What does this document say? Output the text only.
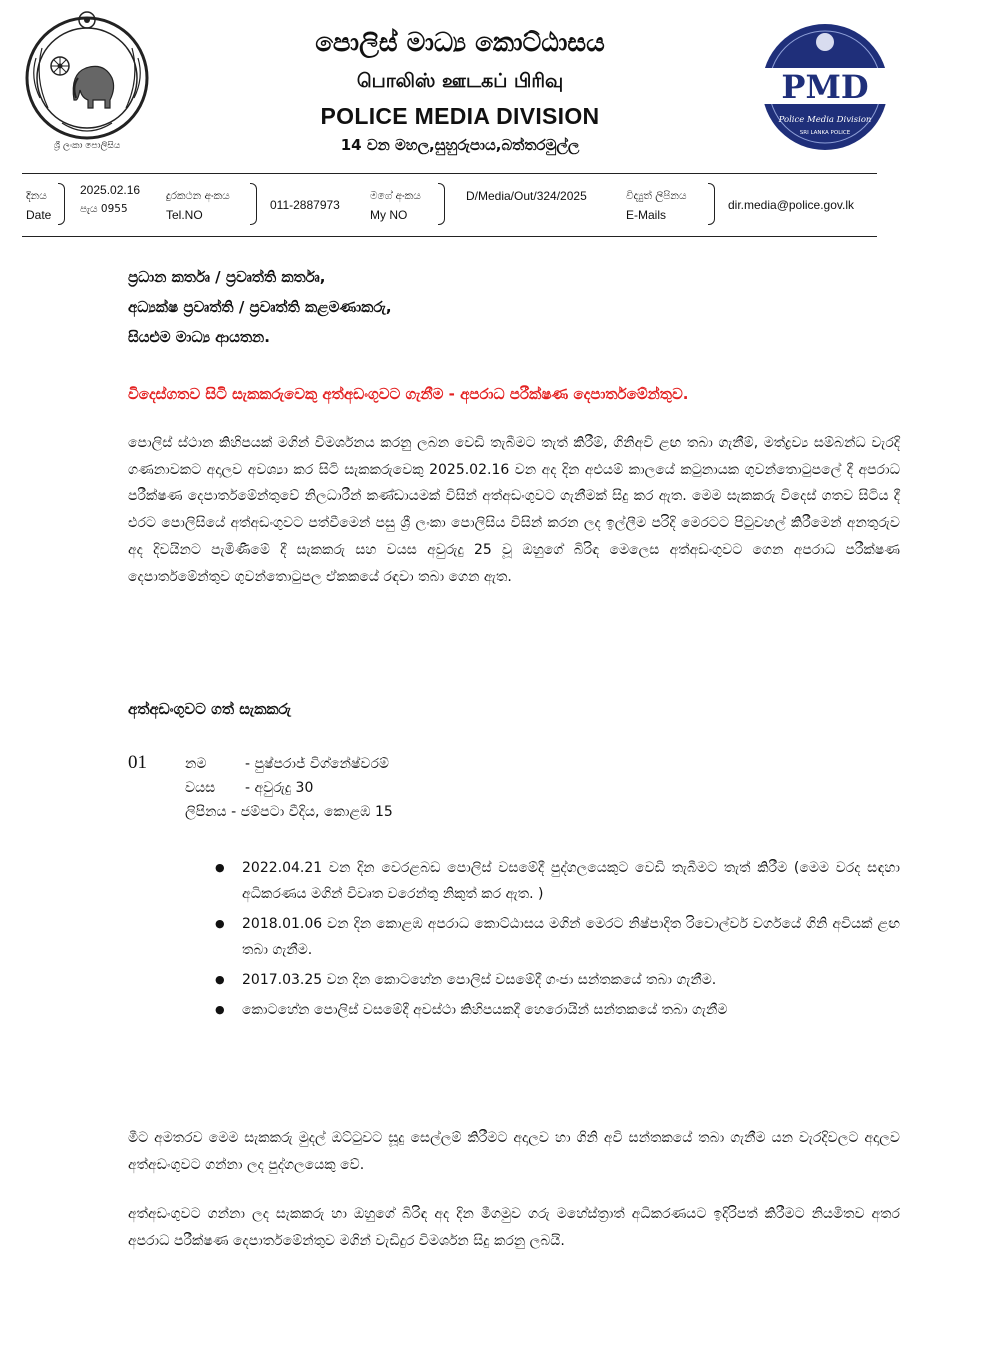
ශ්‍රී ලංකා පොලිසිය
පොලිස් මාධ්‍ය කොට්ඨාසය
பொலிஸ் ஊடகப் பிரிவு
POLICE MEDIA DIVISION
14 වන මහල,සුහුරුපාය,බත්තරමුල්ල
PMD
Police Media Division
SRI LANKA POLICE
දිනය
Date
2025.02.16
පැය 0955
දුරකථන අංකය
Tel.NO
011-2887973
මගේ අංකය
My NO
D/Media/Out/324/2025	විද්‍යුත් ලිපිනය
E-Mails
dir.media@police.gov.lk
ප්‍රධාන කර්තෘ / ප්‍රවෘත්ති කර්තෘ,
අධ්‍යක්ෂ ප්‍රවෘත්ති / ප්‍රවෘත්ති කළමණාකරු,
සියළුම මාධ්‍ය ආයතන.
විදෙස්ගතව සිටි සැකකරුවෙකු අත්අඩංගුවට ගැනීම - අපරාධ පරීක්ෂණ දෙපාර්තමේන්තුව.
පොලිස් ස්ථාන කිහිපයක් මගින් විමර්ශනය කරනු ලබන වෙඩි තැබීමට තැත් කිරීම්, ගිනිඅවි ළඟ තබා ගැනීම්, මත්ද්‍රව්‍ය සම්බන්ධ වැරදි ගණනාවකට අදාලව අවශ්‍යා කර සිටි සැකකරුවෙකු 2025.02.16 වන අද දින අළුයම් කාලයේ කටුනායක ගුවන්තොටුපලේ දී අපරාධ පරීක්ෂණ දෙපාර්තමේන්තුවේ නිලධාරීන් කණ්ඩායමක් විසින් අත්අඩංගුවට ගැනීමක් සිදු කර ඇත. මෙම සැකකරු විදෙස් ගතව සිටිය දී එරට පොලිසියේ අත්අඩංගුවට පත්වීමෙන් පසු ශ්‍රී ලංකා පොලිසිය විසින් කරන ලද ඉල්ලීම පරිදි මෙරටට පිටුවහල් කිරීමෙන් අනතුරුව අද දිවයිනට පැමිණීමේ දී සැකකරු සහ වයස අවුරුදු 25 වූ ඔහුගේ බිරිඳ මෙලෙස අත්අඩංගුවට ගෙන අපරාධ පරීක්ෂණ දෙපාර්තමේන්තුව ගුවන්තොටුපල ඒකකයේ රඳවා තබා ගෙන ඇත.
අත්අඩංගුවට ගත් සැකකරු
01	නම	- පුෂ්පරාජ් විග්නේෂ්වරම්
වයස - අවුරුදු 30
ලිපිනය - ජම්පටා වීදිය, කොළඹ 15
● 2022.04.21 වන දින වෙරළබඩ පොලිස් වසමේදී පුද්ගලයෙකුට වෙඩි තැබීමට තැත් කිරීම (මෙම වරද සඳහා අධිකරණය මගින් විවෘත වරෙන්තු නිකුත් කර ඇත. )
● 2018.01.06 වන දින කොළඹ අපරාධ කොට්ඨාසය මගින් මෙරට නිෂ්පාදිත රිවොල්වර් වර්ගයේ ගිනි අවියක් ළඟ තබා ගැනීම.
● 2017.03.25 වන දින කොටහේන පොලිස් වසමේදී ගංජා සන්තකයේ තබා ගැනීම.
● කොටහේන පොලිස් වසමේදී අවස්ථා කිහිපයකදී හෙරොයින් සන්තකයේ තබා ගැනීම
මීට අමතරව මෙම සැකකරු මුදල් ඔට්ටුවට සූදු සෙල්ලම් කිරීමට අදාලව හා ගිනි අවි සන්තකයේ තබා ගැනීම යන වැරදිවලට අදාලව අත්අඩංගුවට ගන්නා ලද පුද්ගලයෙකු වේ.
අත්අඩංගුවට ගන්නා ලද සැකකරු හා ඔහුගේ බිරිඳ අද දින මීගමුව ගරු මහේස්ත්‍රාත් අධිකරණයට ඉදිරිපත් කිරීමට නියමිතව අතර අපරාධ පරීක්ෂණ දෙපාර්තමේන්තුව මගින් වැඩිදුර විමර්ශන සිදු කරනු ලබයි.
